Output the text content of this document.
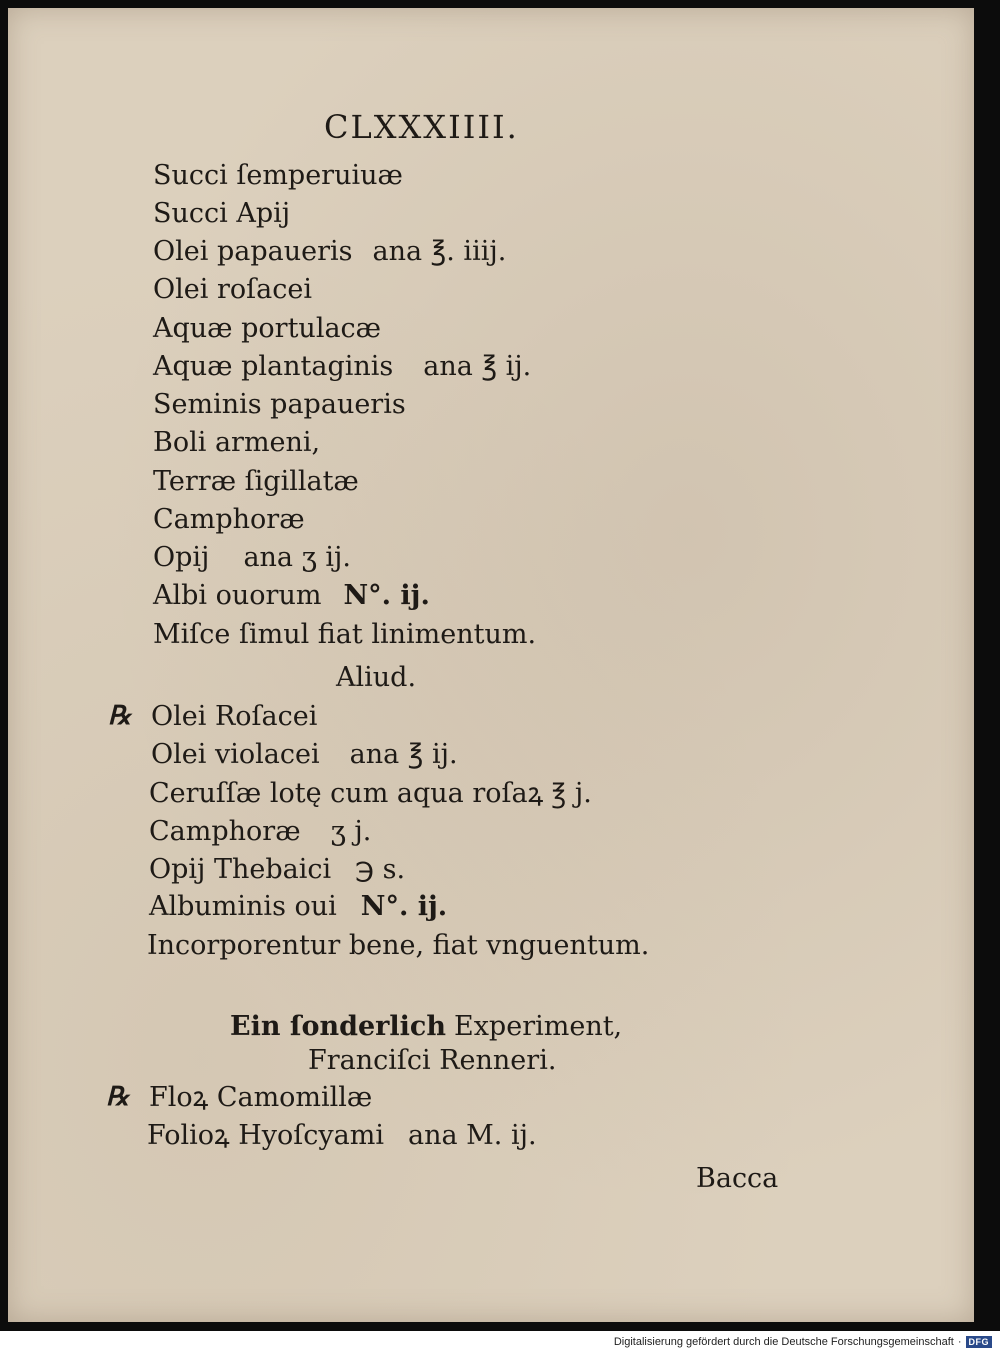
CLXXXIIII.
Succi ſemperuiuæ
Succi Apij
Olei papaueris ana ℥. iiij.
Olei roſacei
Aquæ portulacæ
Aquæ plantaginis ana ℥ ij.
Seminis papaueris
Boli armeni,
Terræ ſigillatæ
Camphoræ
Opij ana ʒ ij.
Albi ouorum N°. ij.
Miſce ſimul fiat linimentum.
Aliud.
℞ Olei Roſacei
Olei violacei ana ℥ ij.
Ceruſſæ lotę cum aqua roſaꝝ ℥ j.
Camphoræ ʒ j.
Opij Thebaici ℈ s.
Albuminis oui N°. ij.
Incorporentur bene, fiat vnguentum.
Ein ſonderlich Experiment,
Franciſci Renneri.
℞ Floꝝ Camomillæ
Folioꝝ Hyoſcyami ana M. ij.
Bacca
Digitalisierung gefördert durch die Deutsche Forschungsgemeinschaft · DFG
